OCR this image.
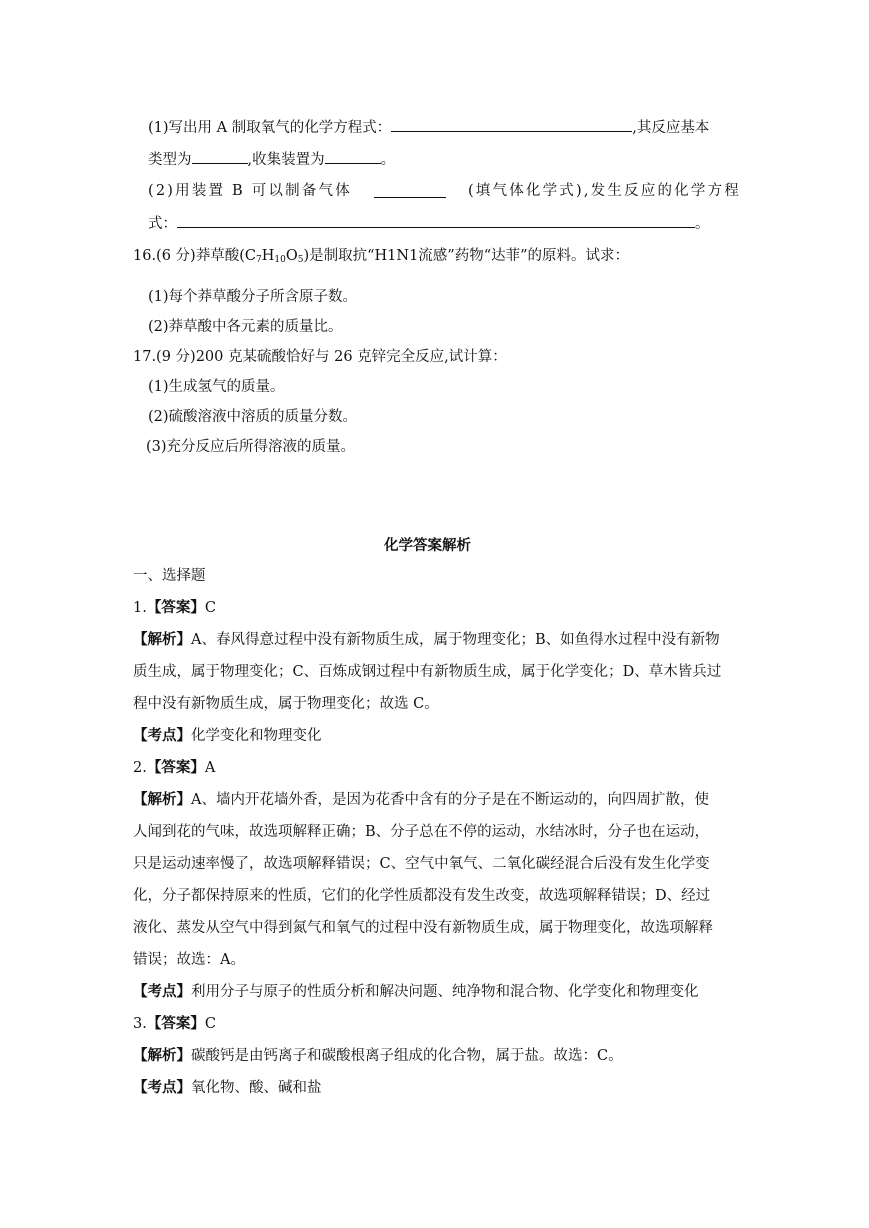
(1)写出用 A 制取氧气的化学方程式：	,其反应基本
类型为	,收集装置为	。
(2)用装置 B 可以制备气体	(填气体化学式),发生反应的化学方程
式：	。
16.(6 分)莽草酸$(C_7H_{10}O_5)$是制取抗“H1N1流感”药物“达菲”的原料。试求：
(1)每个莽草酸分子所含原子数。
(2)莽草酸中各元素的质量比。
17.(9 分)200 克某硫酸恰好与 26 克锌完全反应,试计算：
(1)生成氢气的质量。
(2)硫酸溶液中溶质的质量分数。
(3)充分反应后所得溶液的质量。
化学答案解析
一、选择题
1.【答案】C
【解析】A、春风得意过程中没有新物质生成，属于物理变化；B、如鱼得水过程中没有新物
质生成，属于物理变化；C、百炼成钢过程中有新物质生成，属于化学变化；D、草木皆兵过
程中没有新物质生成，属于物理变化；故选 C。
【考点】化学变化和物理变化
2.【答案】A
【解析】A、墙内开花墙外香，是因为花香中含有的分子是在不断运动的，向四周扩散，使
人闻到花的气味，故选项解释正确；B、分子总在不停的运动，水结冰时，分子也在运动，
只是运动速率慢了，故选项解释错误；C、空气中氧气、二氧化碳经混合后没有发生化学变
化，分子都保持原来的性质，它们的化学性质都没有发生改变，故选项解释错误；D、经过
液化、蒸发从空气中得到氮气和氧气的过程中没有新物质生成，属于物理变化，故选项解释
错误；故选：A。
【考点】利用分子与原子的性质分析和解决问题、纯净物和混合物、化学变化和物理变化
3.【答案】C
【解析】碳酸钙是由钙离子和碳酸根离子组成的化合物，属于盐。故选：C。
【考点】氧化物、酸、碱和盐
